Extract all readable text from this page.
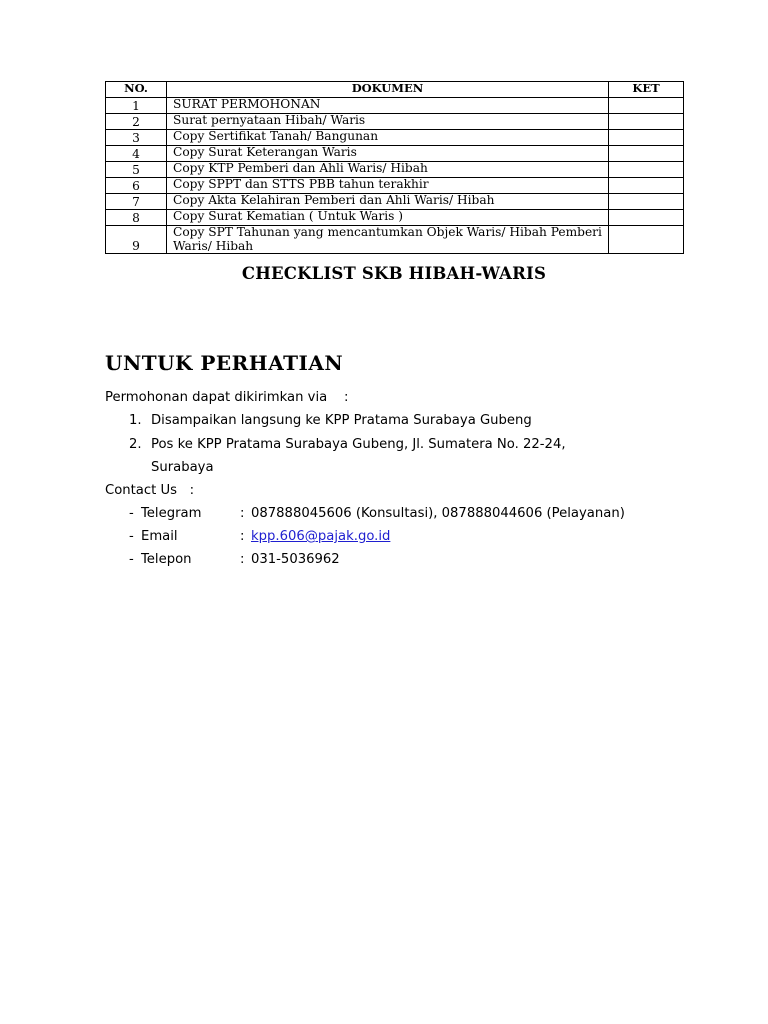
NO.	DOKUMEN	KET
1	SURAT PERMOHONAN	
2	Surat pernyataan Hibah/ Waris	
3	Copy Sertifikat Tanah/ Bangunan	
4	Copy Surat Keterangan Waris	
5	Copy KTP Pemberi dan Ahli Waris/ Hibah	
6	Copy SPPT dan STTS PBB tahun terakhir	
7	Copy Akta Kelahiran Pemberi dan Ahli Waris/ Hibah	
8	Copy Surat Kematian ( Untuk Waris )	
9	Copy SPT Tahunan yang mencantumkan Objek Waris/ Hibah Pemberi Waris/ Hibah	
CHECKLIST SKB HIBAH-WARIS
UNTUK PERHATIAN
Permohonan dapat dikirimkan via    :
1. Disampaikan langsung ke KPP Pratama Surabaya Gubeng
2. Pos ke KPP Pratama Surabaya Gubeng, Jl. Sumatera No. 22-24,
Surabaya
Contact Us   :
- Telegram	: 087888045606 (Konsultasi), 087888044606 (Pelayanan)
- Email	: kpp.606@pajak.go.id
- Telepon	: 031-5036962
